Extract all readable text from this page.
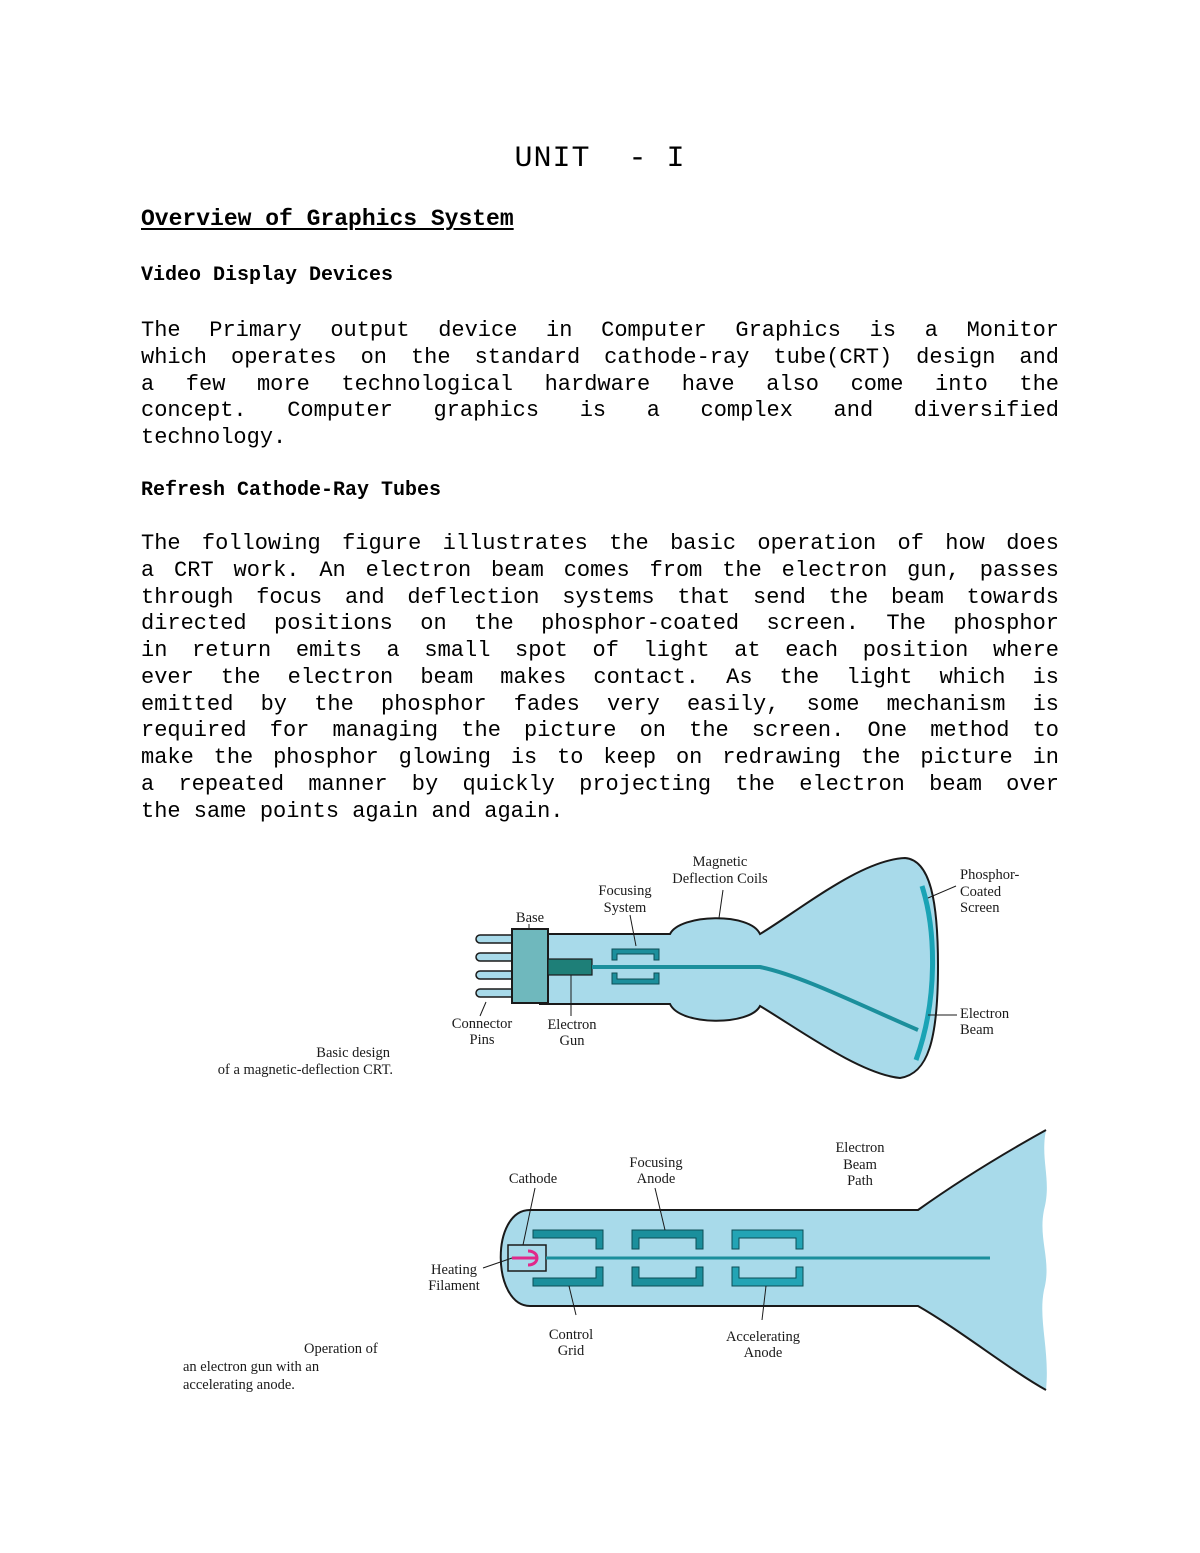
UNIT  - I
Overview of Graphics System
Video Display Devices
The Primary output device in Computer Graphics is a Monitor
which operates on the standard cathode-ray tube(CRT) design and
a few more technological hardware have also come into the
concept. Computer graphics is a complex and diversified
technology.
Refresh Cathode-Ray Tubes
The following figure illustrates the basic operation of how does
a CRT work. An electron beam comes from the electron gun, passes
through focus and deflection systems that send the beam towards
directed positions on the phosphor-coated screen. The phosphor
in return emits a small spot of light at each position where
ever the electron beam makes contact. As the light which is
emitted by the phosphor fades very easily, some mechanism is
required for managing the picture on the screen. One method to
make the phosphor glowing is to keep on redrawing the picture in
a repeated manner by quickly projecting the electron beam over
the same points again and again.
Magnetic
Deflection Coils
Focusing
System
Base
Phosphor-
Coated
Screen
Connector
Pins
Electron
Gun
Electron
Beam
Basic design
of a magnetic-deflection CRT.
Cathode
Focusing
Anode
Electron
Beam
Path
Heating
Filament
Control
Grid
Accelerating
Anode
Operation of
an electron gun with an
accelerating anode.
